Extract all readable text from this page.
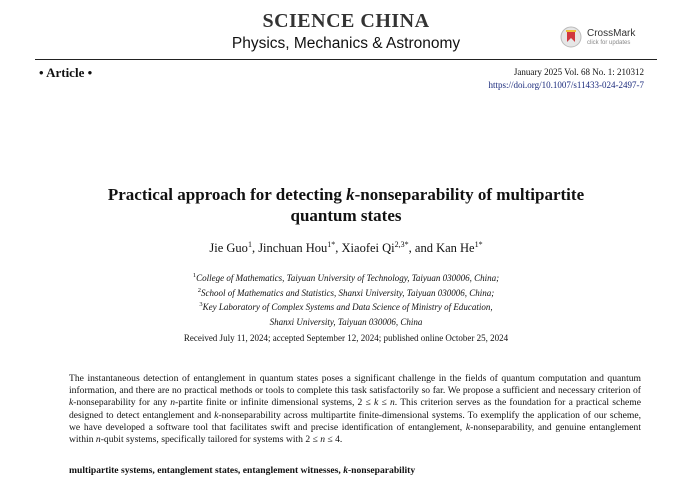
SCIENCE CHINA
Physics, Mechanics & Astronomy
CrossMark
click for updates
• Article •	January 2025 Vol. 68 No. 1: 210312
https://doi.org/10.1007/s11433-024-2497-7
Practical approach for detecting k-nonseparability of multipartite
quantum states
Jie Guo$^1$, Jinchuan Hou$^{1*}$, Xiaofei $Qi^{2,3*}$, and Kan $He^{1*}$
$^1$College of Mathematics, Taiyuan University of Technology, Taiyuan 030006, China;
$^2$School of Mathematics and Statistics, Shanxi University, Taiyuan 030006, China;
$^3$Key Laboratory of Complex Systems and Data Science of Ministry of Education,
Shanxi University, Taiyuan 030006, China
Received July 11, 2024; accepted September 12, 2024; published online October 25, 2024
The instantaneous detection of entanglement in quantum states poses a significant challenge in the fields of quantum computation and quantum information, and there are no practical methods or tools to complete this task satisfactorily so far. We propose a sufficient and necessary criterion of k-nonseparability for any n-partite finite or infinite dimensional systems, 2 ≤ k ≤ n. This criterion serves as the foundation for a practical scheme designed to detect entanglement and k-nonseparability across multipartite finite-dimensional systems. To exemplify the application of our scheme, we have developed a software tool that facilitates swift and precise identification of entanglement, k-nonseparability, and genuine entanglement within n-qubit systems, specifically tailored for systems with 2 ≤ n ≤ 4.
multipartite systems, entanglement states, entanglement witnesses, k-nonseparability
